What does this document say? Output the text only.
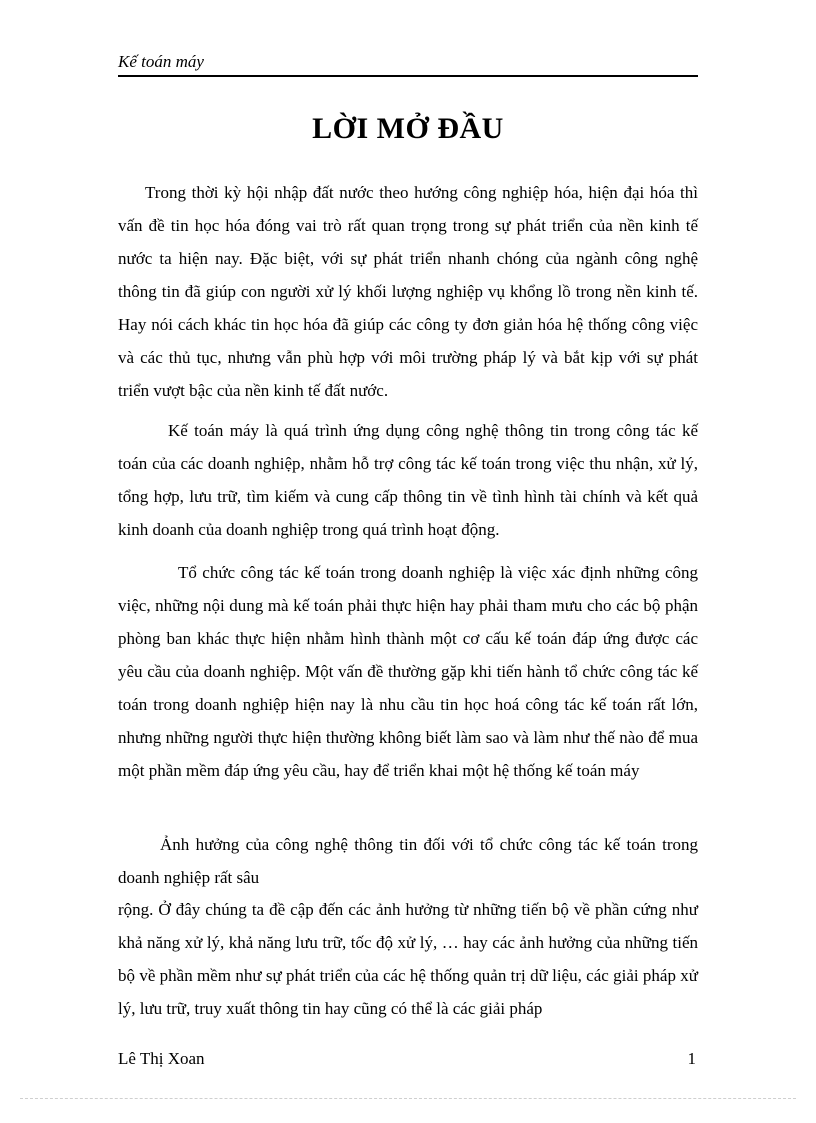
Kế toán máy
LỜI MỞ ĐẦU
Trong thời kỳ hội nhập đất nước theo hướng công nghiệp hóa, hiện đại hóa thì vấn đề tin học hóa đóng vai trò rất quan trọng trong sự phát triển của nền kinh tế nước ta hiện nay. Đặc biệt, với sự phát triển nhanh chóng của ngành công nghệ thông tin đã giúp con người xử lý khối lượng nghiệp vụ khổng lồ trong nền kinh tế. Hay nói cách khác tin học hóa đã giúp các công ty đơn giản hóa hệ thống công việc và các thủ tục, nhưng vẫn phù hợp với môi trường pháp lý và bắt kịp với sự phát triển vượt bậc của nền kinh tế đất nước.
Kế toán máy là quá trình ứng dụng công nghệ thông tin trong công tác kế toán của các doanh nghiệp, nhằm hỗ trợ công tác kế toán trong việc thu nhận, xử lý, tổng hợp, lưu trữ, tìm kiếm và cung cấp thông tin về tình hình tài chính và kết quả kinh doanh của doanh nghiệp trong quá trình hoạt động.
Tổ chức công tác kế toán trong doanh nghiệp là việc xác định những công việc, những nội dung mà kế toán phải thực hiện hay phải tham mưu cho các bộ phận phòng ban khác thực hiện nhằm hình thành một cơ cấu kế toán đáp ứng được các yêu cầu của doanh nghiệp. Một vấn đề thường gặp khi tiến hành tổ chức công tác kế toán trong doanh nghiệp hiện nay là nhu cầu tin học hoá công tác kế toán rất lớn, nhưng những người thực hiện thường không biết làm sao và làm như thế nào để mua một phần mềm đáp ứng yêu cầu, hay để triển khai một hệ thống kế toán máy
Ảnh hưởng của công nghệ thông tin đối với tổ chức công tác kế toán trong doanh nghiệp rất sâu
rộng. Ở đây chúng ta đề cập đến các ảnh hưởng từ những tiến bộ về phần cứng như khả năng xử lý, khả năng lưu trữ, tốc độ xử lý, … hay các ảnh hưởng của những tiến bộ về phần mềm như sự phát triển của các hệ thống quản trị dữ liệu, các giải pháp xử lý, lưu trữ, truy xuất thông tin hay cũng có thể là các giải pháp
Lê Thị Xoan	1
